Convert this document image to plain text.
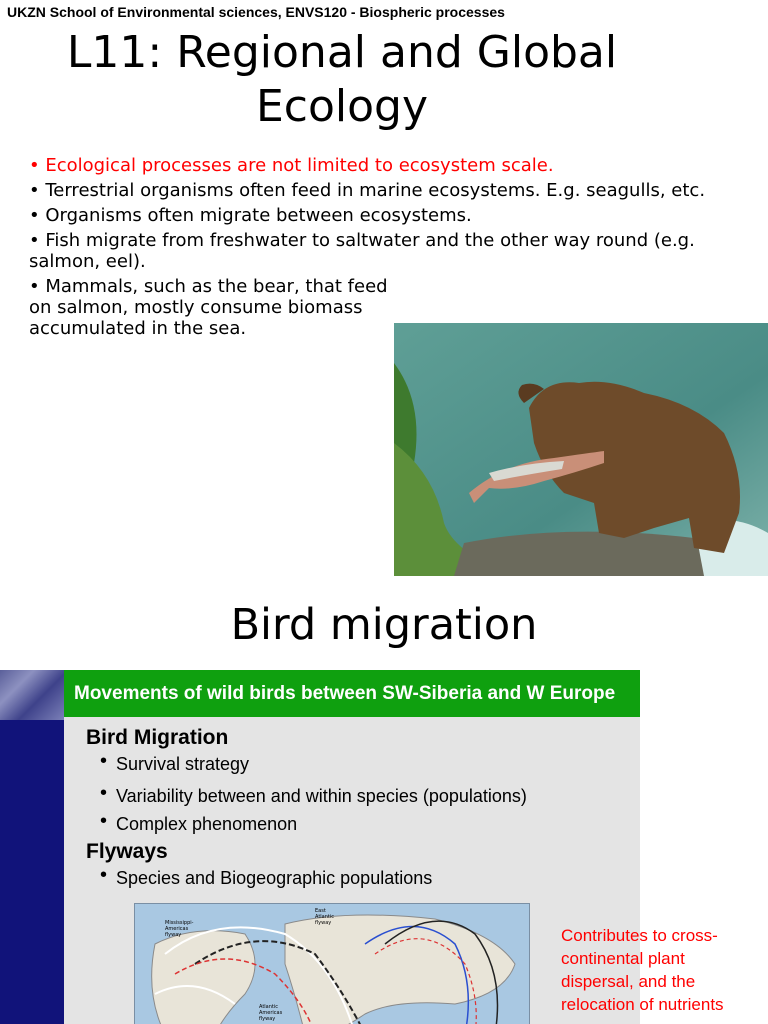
UKZN School of Environmental sciences, ENVS120 - Biospheric processes
L11: Regional and Global
Ecology

• Ecological processes are not limited to ecosystem scale.

• Terrestrial organisms often feed in marine ecosystems. E.g. seagulls, etc.

• Organisms often migrate between ecosystems.

• Fish migrate from freshwater to saltwater and the other way round (e.g. salmon, eel).

• Mammals, such as the bear, that feed on salmon, mostly consume biomass accumulated in the sea.

Bird migration
Movements of wild birds between SW-Siberia and W Europe
Bird Migration
• Survival strategy
• Variability between and within species (populations)
• Complex phenomenon
Flyways
• Species and Biogeographic populations
Mississippi-Americas flyway
East Atlantic flyway
Atlantic Americas flyway
Contributes to cross-continental plant dispersal, and the relocation of nutrients
